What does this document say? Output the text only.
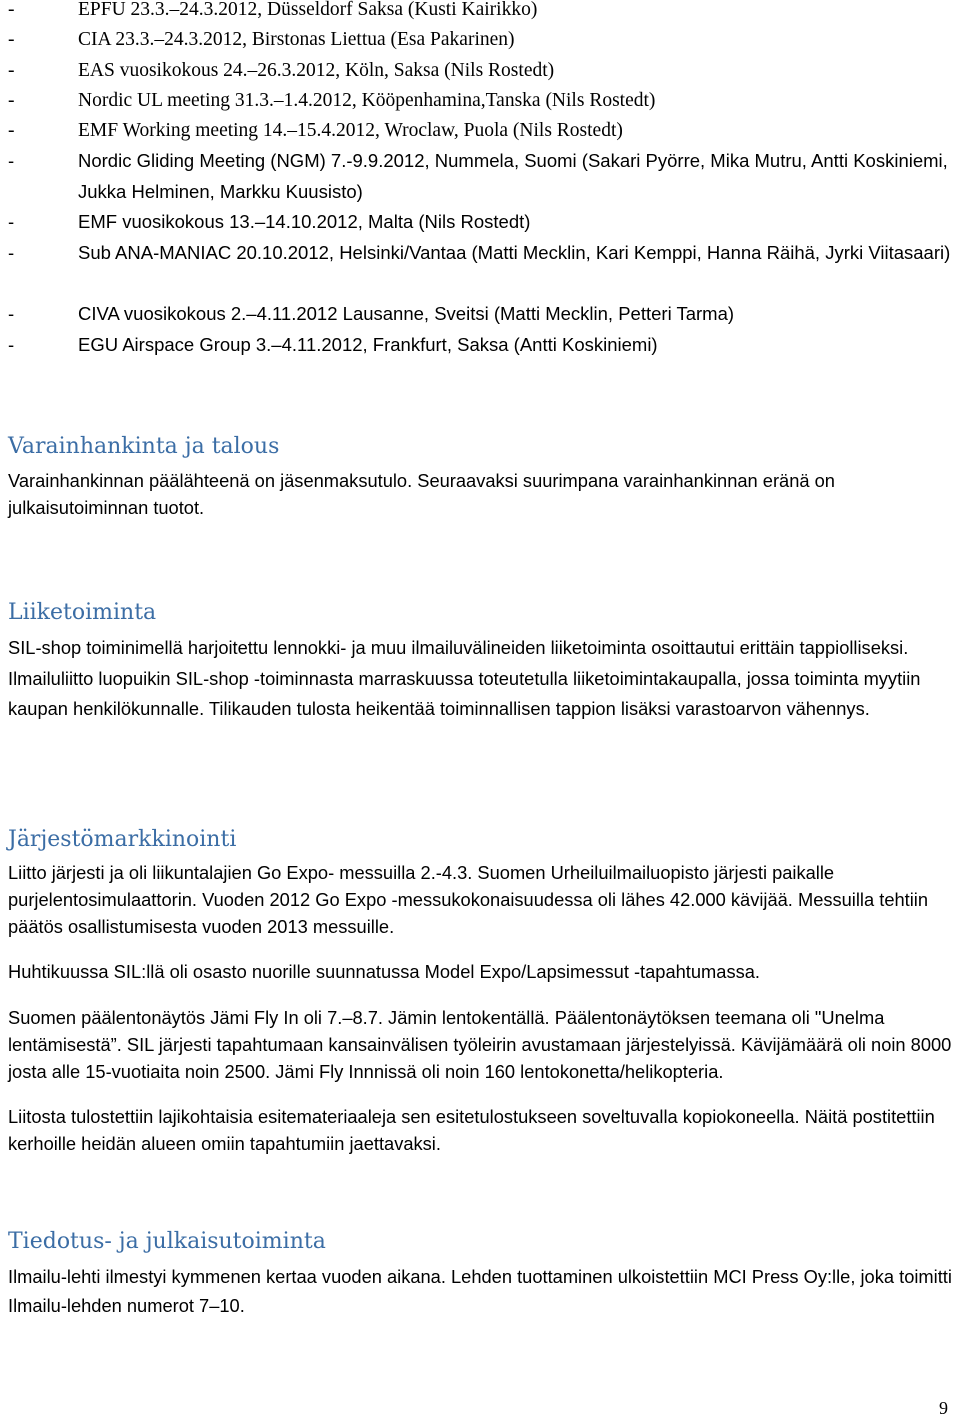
-	EPFU 23.3.–24.3.2012, Düsseldorf Saksa (Kusti Kairikko)
-	CIA 23.3.–24.3.2012, Birstonas Liettua (Esa Pakarinen)
-	EAS vuosikokous 24.–26.3.2012, Köln, Saksa (Nils Rostedt)
-	Nordic UL meeting 31.3.–1.4.2012, Kööpenhamina,Tanska (Nils Rostedt)
-	EMF Working meeting 14.–15.4.2012, Wroclaw, Puola (Nils Rostedt)
-	Nordic Gliding Meeting (NGM) 7.-9.9.2012, Nummela, Suomi (Sakari Pyörre, Mika Mutru, Antti Koskiniemi, Jukka Helminen, Markku Kuusisto)
-	EMF vuosikokous 13.–14.10.2012, Malta (Nils Rostedt)
-	Sub ANA-MANIAC 20.10.2012, Helsinki/Vantaa (Matti Mecklin, Kari Kemppi, Hanna Räihä, Jyrki Viitasaari)
-	CIVA vuosikokous 2.–4.11.2012 Lausanne, Sveitsi (Matti Mecklin, Petteri Tarma)
-	EGU Airspace Group 3.–4.11.2012, Frankfurt, Saksa (Antti Koskiniemi)
Varainhankinta ja talous

Varainhankinnan päälähteenä on jäsenmaksutulo. Seuraavaksi suurimpana varainhankinnan eränä on julkaisutoiminnan tuotot.

Liiketoiminta

SIL-shop toiminimellä harjoitettu lennokki- ja muu ilmailuvälineiden liiketoiminta osoittautui erittäin tappiolliseksi. Ilmailuliitto luopuikin SIL-shop -toiminnasta marraskuussa toteutetulla liiketoimintakaupalla, jossa toiminta myytiin kaupan henkilökunnalle. Tilikauden tulosta heikentää toiminnallisen tappion lisäksi varastoarvon vähennys.

Järjestömarkkinointi

Liitto järjesti ja oli liikuntalajien Go Expo- messuilla 2.-4.3. Suomen Urheiluilmailuopisto järjesti paikalle purjelentosimulaattorin. Vuoden 2012 Go Expo -messukokonaisuudessa oli lähes 42.000 kävijää. Messuilla tehtiin päätös osallistumisesta vuoden 2013 messuille.

Huhtikuussa SIL:llä oli osasto nuorille suunnatussa Model Expo/Lapsimessut -tapahtumassa.

Suomen päälentonäytös Jämi Fly In oli 7.–8.7. Jämin lentokentällä. Päälentonäytöksen teemana oli "Unelma lentämisestä”. SIL järjesti tapahtumaan kansainvälisen työleirin avustamaan järjestelyissä. Kävijämäärä oli noin 8000 josta alle 15-vuotiaita noin 2500. Jämi Fly Innnissä oli noin 160 lentokonetta/helikopteria.

Liitosta tulostettiin lajikohtaisia esitemateriaaleja sen esitetulostukseen soveltuvalla kopiokoneella. Näitä postitettiin kerhoille heidän alueen omiin tapahtumiin jaettavaksi.

Tiedotus- ja julkaisutoiminta

Ilmailu-lehti ilmestyi kymmenen kertaa vuoden aikana. Lehden tuottaminen ulkoistettiin MCI Press Oy:lle, joka toimitti Ilmailu-lehden numerot 7–10.

9
